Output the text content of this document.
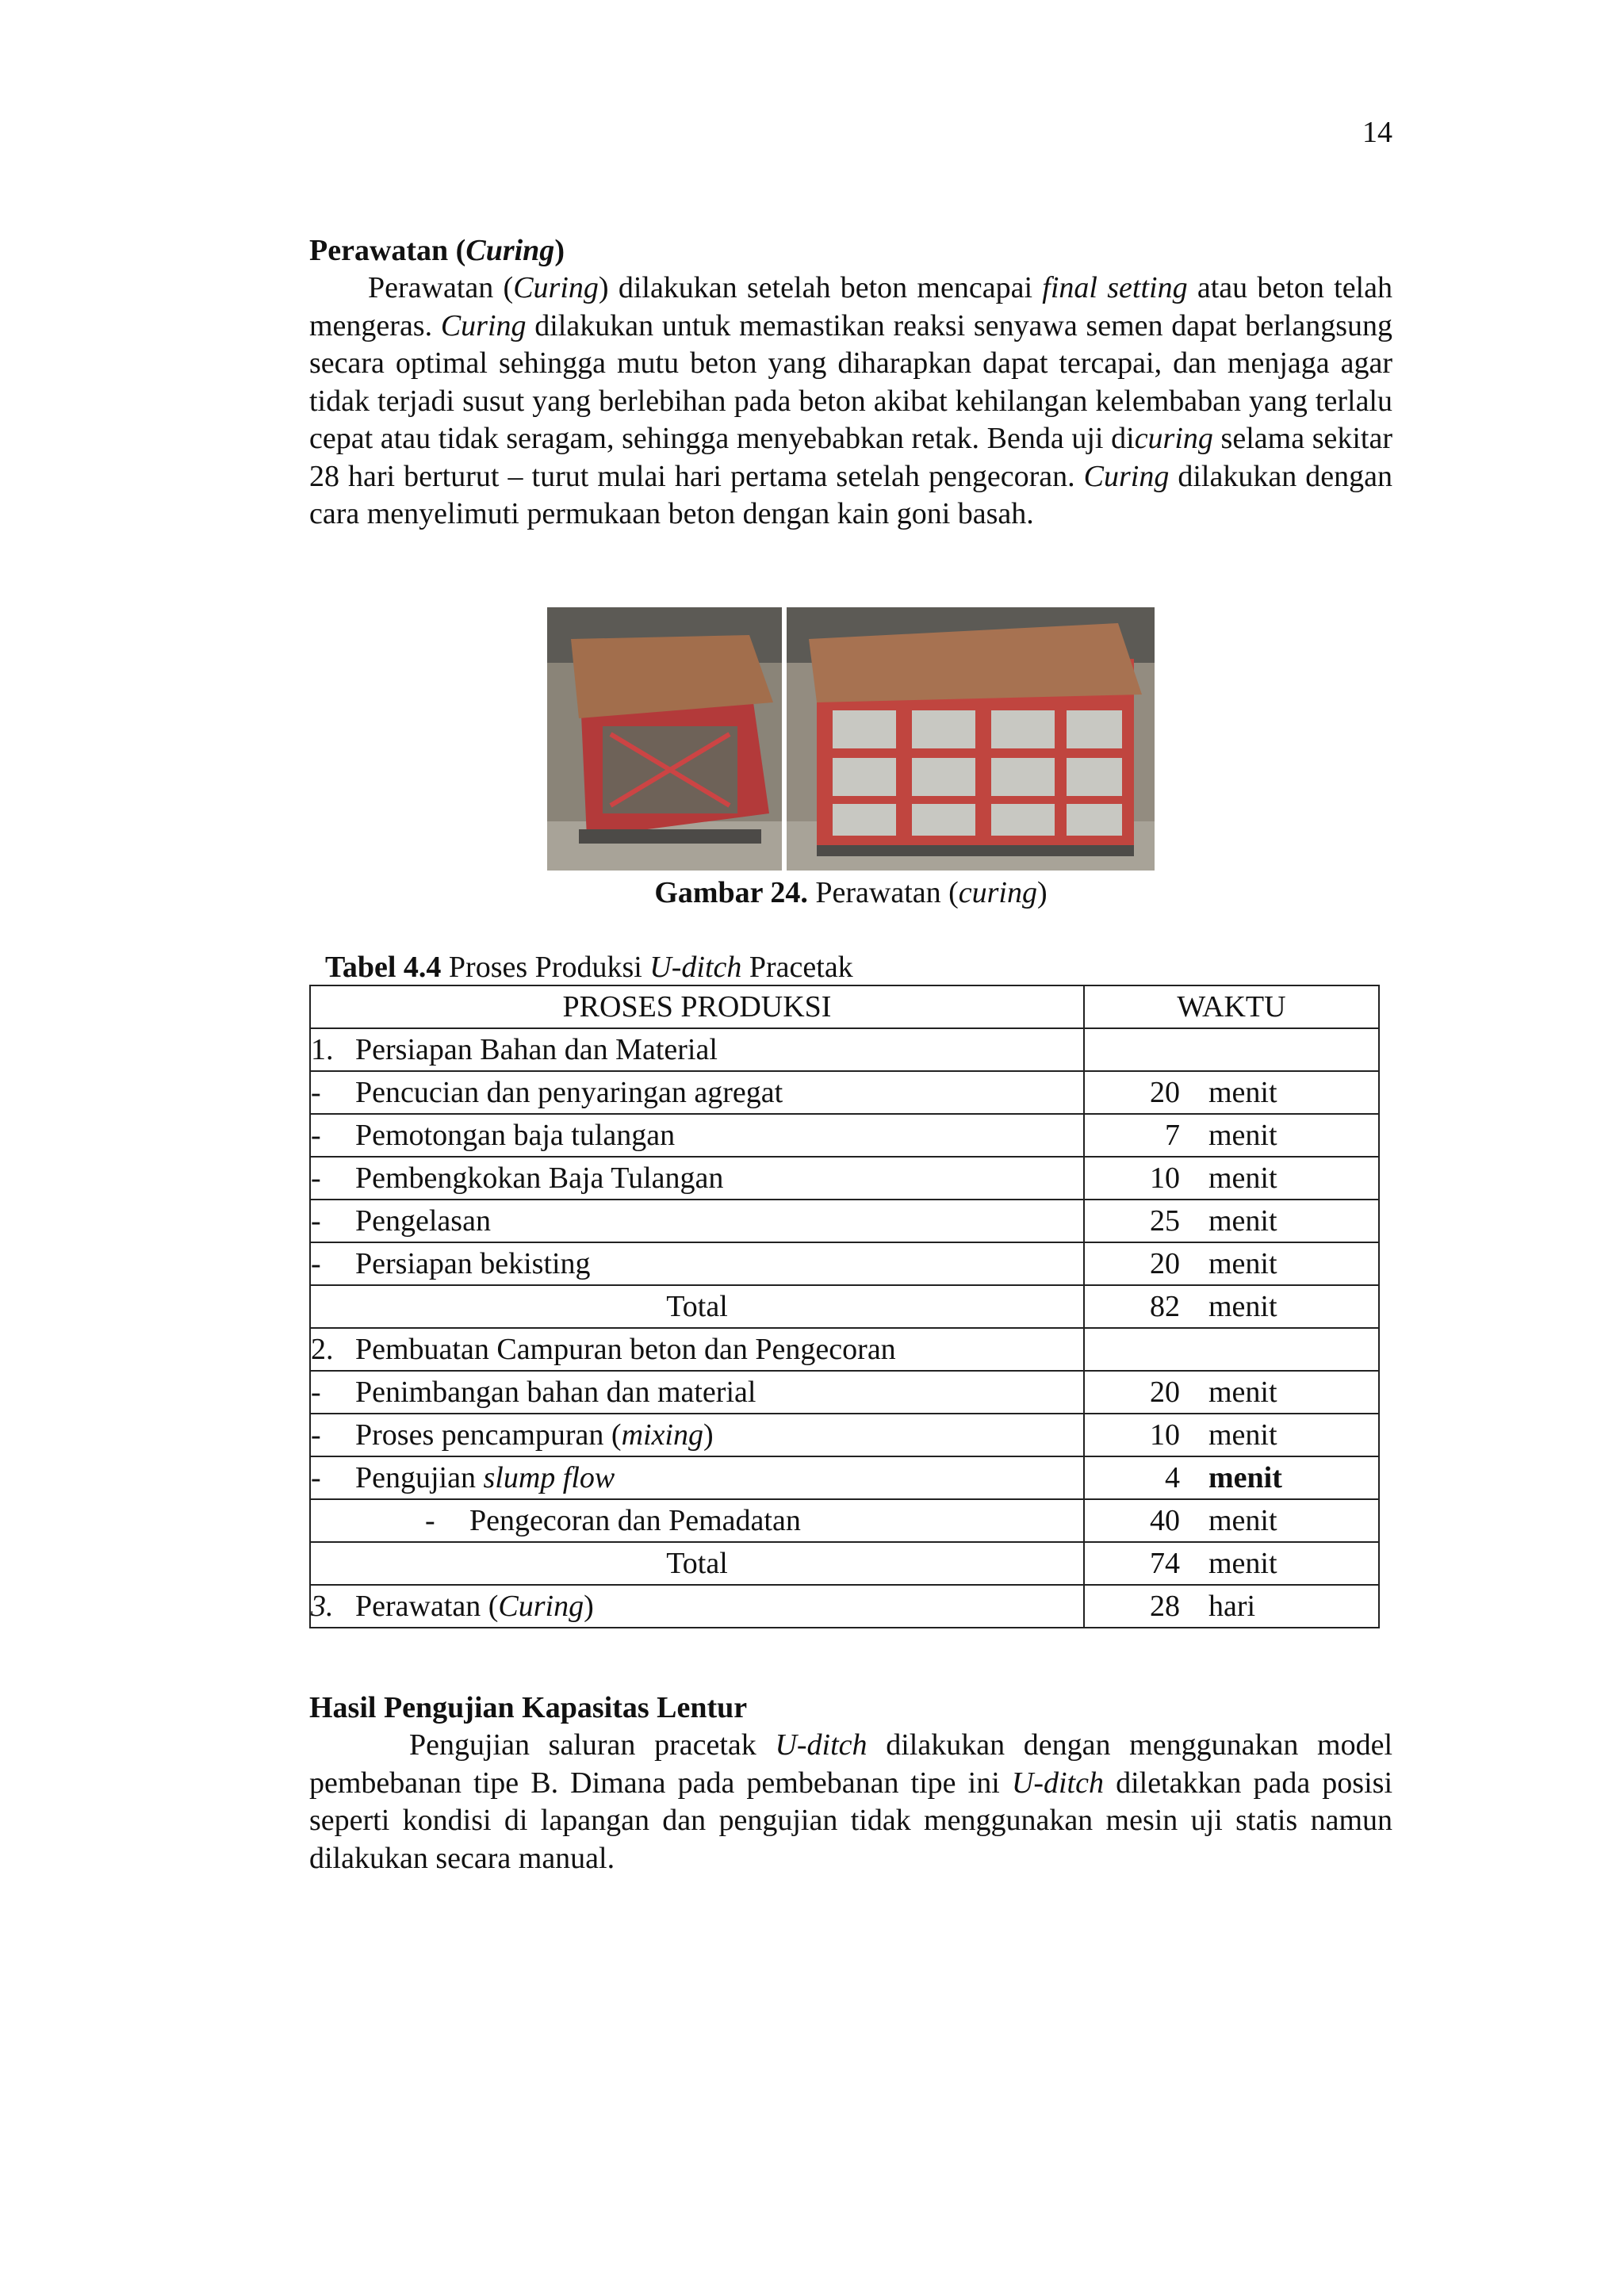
14
Perawatan (Curing)

Perawatan (Curing) dilakukan setelah beton mencapai final setting atau beton telah mengeras. Curing dilakukan untuk memastikan reaksi senyawa semen dapat berlangsung secara optimal sehingga mutu beton yang diharapkan dapat tercapai, dan menjaga agar tidak terjadi susut yang berlebihan pada beton akibat kehilangan kelembaban yang terlalu cepat atau tidak seragam, sehingga menyebabkan retak. Benda uji dicuring selama sekitar 28 hari berturut – turut mulai hari pertama setelah pengecoran. Curing dilakukan dengan cara menyelimuti permukaan beton dengan kain goni basah.

Gambar 24. Perawatan (curing)

Tabel 4.4 Proses Produksi U-ditch Pracetak

PROSES PRODUKSI	WAKTU
1. Persiapan Bahan dan Material	
- Pencucian dan penyaringan agregat	20 menit
- Pemotongan baja tulangan	7 menit
- Pembengkokan Baja Tulangan	10 menit
- Pengelasan	25 menit
- Persiapan bekisting	20 menit
Total	82 menit
2. Pembuatan Campuran beton dan Pengecoran	
- Penimbangan bahan dan material	20 menit
- Proses pencampuran (mixing)	10 menit
- Pengujian slump flow	4 menit
- Pengecoran dan Pemadatan	40 menit
Total	74 menit
3. Perawatan (Curing)	28 hari
Hasil Pengujian Kapasitas Lentur

Pengujian saluran pracetak U-ditch dilakukan dengan menggunakan model pembebanan tipe B. Dimana pada pembebanan tipe ini U-ditch diletakkan pada posisi seperti kondisi di lapangan dan pengujian tidak menggunakan mesin uji statis namun dilakukan secara manual.
